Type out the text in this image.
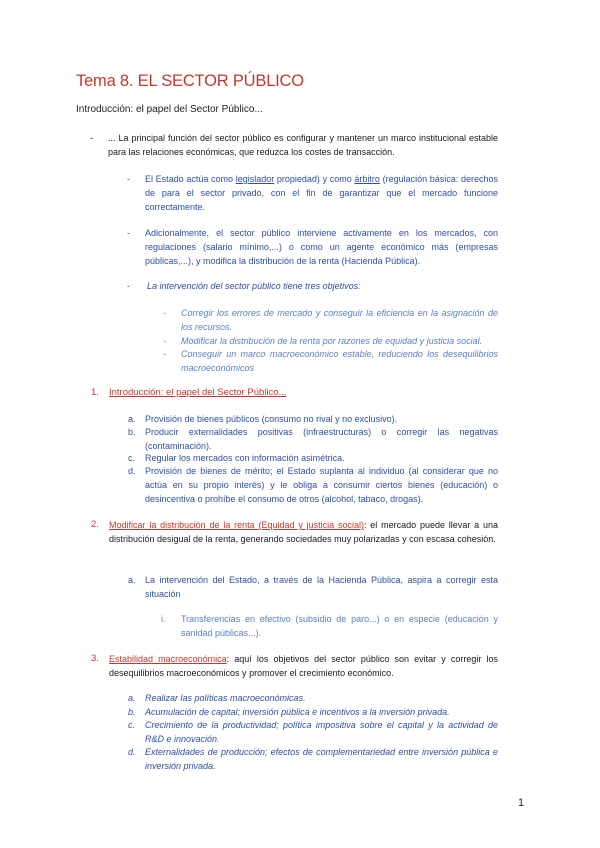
Tema 8. EL SECTOR PÚBLICO
Introducción: el papel del Sector Público...
- ... La principal función del sector público es configurar y mantener un marco institucional estable para las relaciones económicas, que reduzca los costes de transacción.
- El Estado actúa como legislador propiedad) y como árbitro (regulación básica: derechos de para el sector privado, con el fin de garantizar que el mercado funcione correctamente.
- Adicionalmente, el sector público interviene activamente en los mercados, con regulaciones (salario mínimo,...) o como un agente económico más (empresas públicas,...), y modifica la distribución de la renta (Hacienda Pública).
- La intervención del sector público tiene tres objetivos:
- Corregir los errores de mercado y conseguir la eficiencia en la asignación de los recursos.
- Modificar la distribución de la renta por razones de equidad y justicia social.
- Conseguir un marco macroeconómico estable, reduciendo los desequilibrios macroeconómicos
1. Introducción: el papel del Sector Público...
a. Provisión de bienes públicos (consumo no rival y no exclusivo).
b. Producir externalidades positivas (infraestructuras) o corregir las negativas (contaminación).
c. Regular los mercados con información asimétrica.
d. Provisión de bienes de mérito; el Estado suplanta al individuo (al considerar que no actúa en su propio interés) y le obliga a consumir ciertos bienes (educación) o desincentiva o prohíbe el consumo de otros (alcohol, tabaco, drogas).
2. Modificar la distribución de la renta (Equidad y justicia social): el mercado puede llevar a una distribución desigual de la renta, generando sociedades muy polarizadas y con escasa cohesión.
a. La intervención del Estado, a través de la Hacienda Pública, aspira a corregir esta situación
i. Transferencias en efectivo (subsidio de paro...) o en especie (educación y sanidad públicas...).
3. Estabilidad macroeconómica: aquí los objetivos del sector público son evitar y corregir los desequilibrios macroeconómicos y promover el crecimiento económico.
a. Realizar las políticas macroeconómicas.
b. Acumulación de capital; inversión pública e incentivos a la inversión privada.
c. Crecimiento de la productividad; política impositiva sobre el capital y la actividad de R&D e innovación.
d. Externalidades de producción; efectos de complementariedad entre inversión pública e inversión privada.
1
